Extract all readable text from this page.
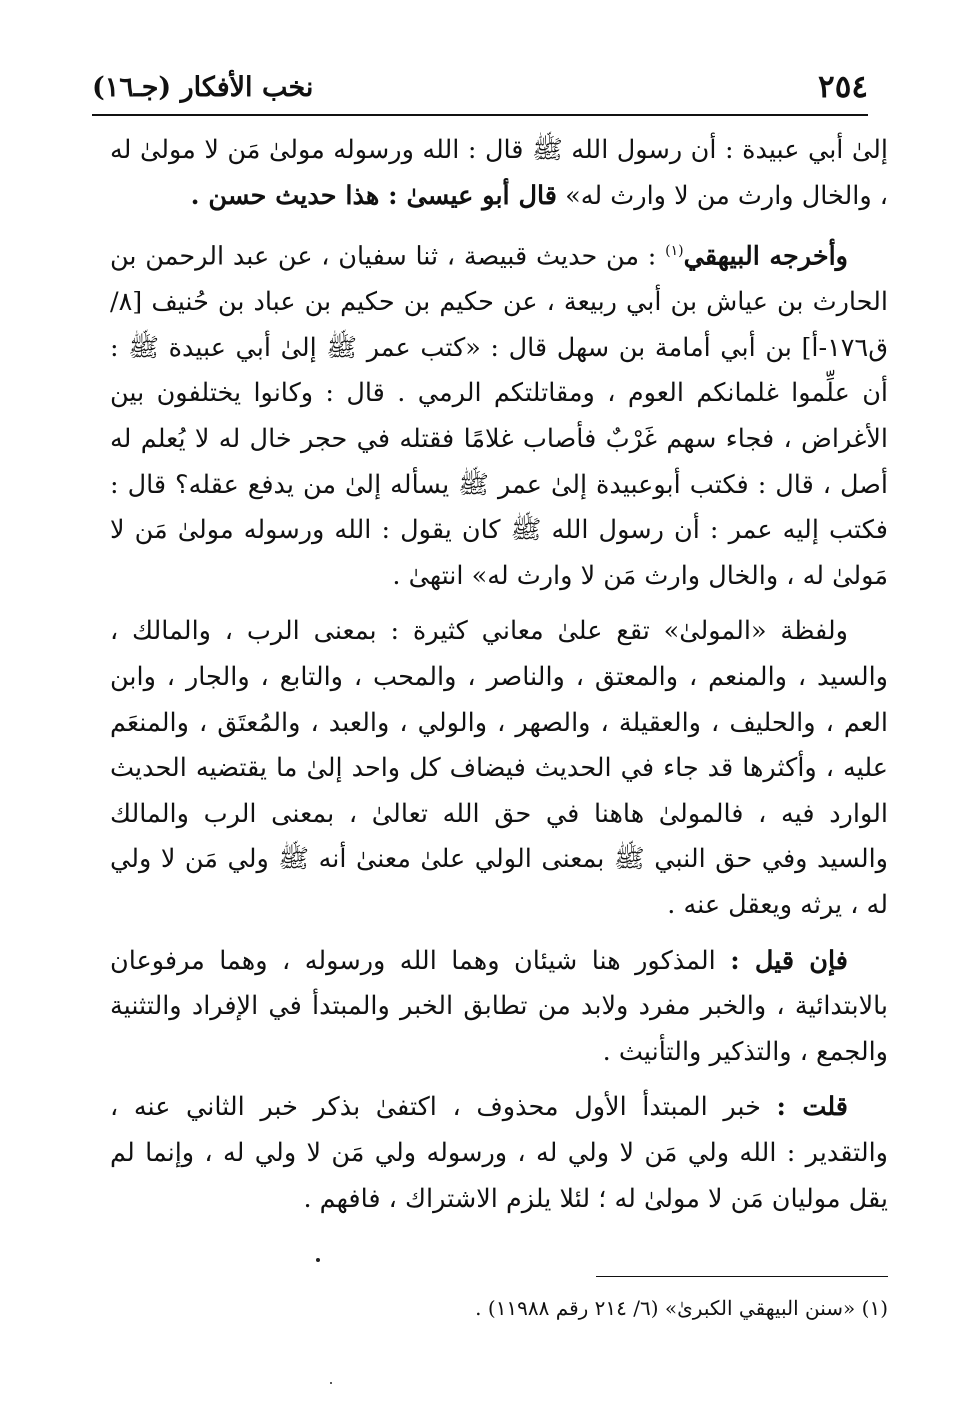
٢٥٤
نخب الأفكار (جـ١٦)

إلىٰ أبي عبيدة : أن رسول الله ﷺ قال : الله ورسوله مولىٰ مَن لا مولىٰ له ، والخال وارث من لا وارث له» قال أبو عيسىٰ : هذا حديث حسن .

وأخرجه البيهقي$^{(١)}$ : من حديث قبيصة ، ثنا سفيان ، عن عبد الرحمن بن الحارث بن عياش بن أبي ربيعة ، عن حكيم بن حكيم بن عباد بن حُنيف [٨/ ق١٧٦-أ] بن أبي أمامة بن سهل قال : «كتب عمر ﷺ إلىٰ أبي عبيدة ﷺ : أن علِّموا غلمانكم العوم ، ومقاتلتكم الرمي . قال : وكانوا يختلفون بين الأغراض ، فجاء سهم غَرْبٌ فأصاب غلامًا فقتله في حجر خال له لا يُعلم له أصل ، قال : فكتب أبوعبيدة إلىٰ عمر ﷺ يسأله إلىٰ من يدفع عقله؟ قال : فكتب إليه عمر : أن رسول الله ﷺ كان يقول : الله ورسوله مولىٰ مَن لا مَولىٰ له ، والخال وارث مَن لا وارث له» انتهىٰ .

ولفظة «المولىٰ» تقع علىٰ معاني كثيرة : بمعنى الرب ، والمالك ، والسيد ، والمنعم ، والمعتق ، والناصر ، والمحب ، والتابع ، والجار ، وابن العم ، والحليف ، والعقيلة ، والصهر ، والولي ، والعبد ، والمُعتَق ، والمنعَم عليه ، وأكثرها قد جاء في الحديث فيضاف كل واحد إلىٰ ما يقتضيه الحديث الوارد فيه ، فالمولىٰ هاهنا في حق الله تعالىٰ ، بمعنى الرب والمالك والسيد وفي حق النبي ﷺ بمعنى الولي علىٰ معنىٰ أنه ﷺ ولي مَن لا ولي له ، يرثه ويعقل عنه .

فإن قيل : المذكور هنا شيئان وهما الله ورسوله ، وهما مرفوعان بالابتدائية ، والخبر مفرد ولابد من تطابق الخبر والمبتدأ في الإفراد والتثنية والجمع ، والتذكير والتأنيث .

قلت : خبر المبتدأ الأول محذوف ، اكتفىٰ بذكر خبر الثاني عنه ، والتقدير : الله ولي مَن لا ولي له ، ورسوله ولي مَن لا ولي له ، وإنما لم يقل موليان مَن لا مولىٰ له ؛ لئلا يلزم الاشتراك ، فافهم .

(١) «سنن البيهقي الكبرىٰ» (٦/ ٢١٤ رقم ١١٩٨٨) .
